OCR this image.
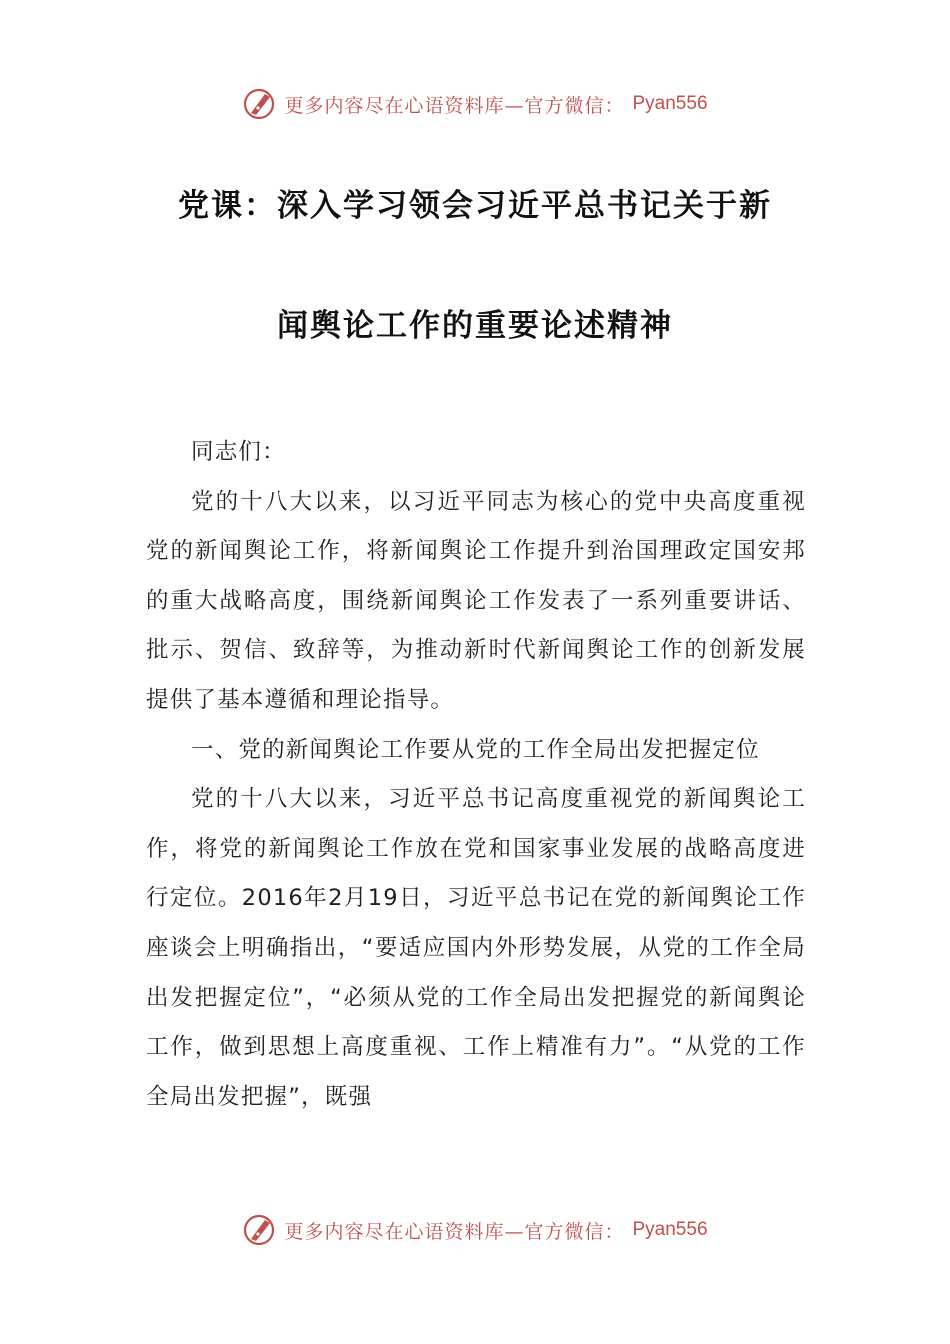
更多内容尽在心语资料库—官方微信： Pyan556
党课：深入学习领会习近平总书记关于新
闻舆论工作的重要论述精神

同志们：

党的十八大以来，以习近平同志为核心的党中央高度重视党的新闻舆论工作，将新闻舆论工作提升到治国理政定国安邦的重大战略高度，围绕新闻舆论工作发表了一系列重要讲话、批示、贺信、致辞等，为推动新时代新闻舆论工作的创新发展提供了基本遵循和理论指导。

一、党的新闻舆论工作要从党的工作全局出发把握定位

党的十八大以来，习近平总书记高度重视党的新闻舆论工作，将党的新闻舆论工作放在党和国家事业发展的战略高度进行定位。2016年2月19日，习近平总书记在党的新闻舆论工作座谈会上明确指出，“要适应国内外形势发展，从党的工作全局出发把握定位”，“必须从党的工作全局出发把握党的新闻舆论工作，做到思想上高度重视、工作上精准有力”。“从党的工作全局出发把握”，既强

更多内容尽在心语资料库—官方微信： Pyan556
